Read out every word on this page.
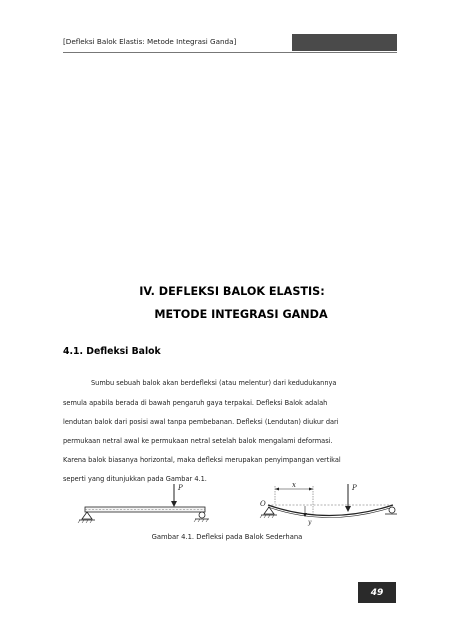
[Defleksi Balok Elastis: Metode Integrasi Ganda]
IV. DEFLEKSI BALOK ELASTIS:
METODE INTEGRASI GANDA
4.1. Defleksi Balok
Sumbu sebuah balok akan berdefleksi (atau melentur) dari kedudukannya
semula apabila berada di bawah pengaruh gaya terpakai. Defleksi Balok adalah
lendutan balok dari posisi awal tanpa pembebanan. Defleksi (Lendutan) diukur dari
permukaan netral awal ke permukaan netral setelah balok mengalami deformasi.
Karena balok biasanya horizontal, maka defleksi merupakan penyimpangan vertikal
seperti yang ditunjukkan pada Gambar 4.1.
P	x
O
y
P
Gambar 4.1. Defleksi pada Balok Sederhana
49
